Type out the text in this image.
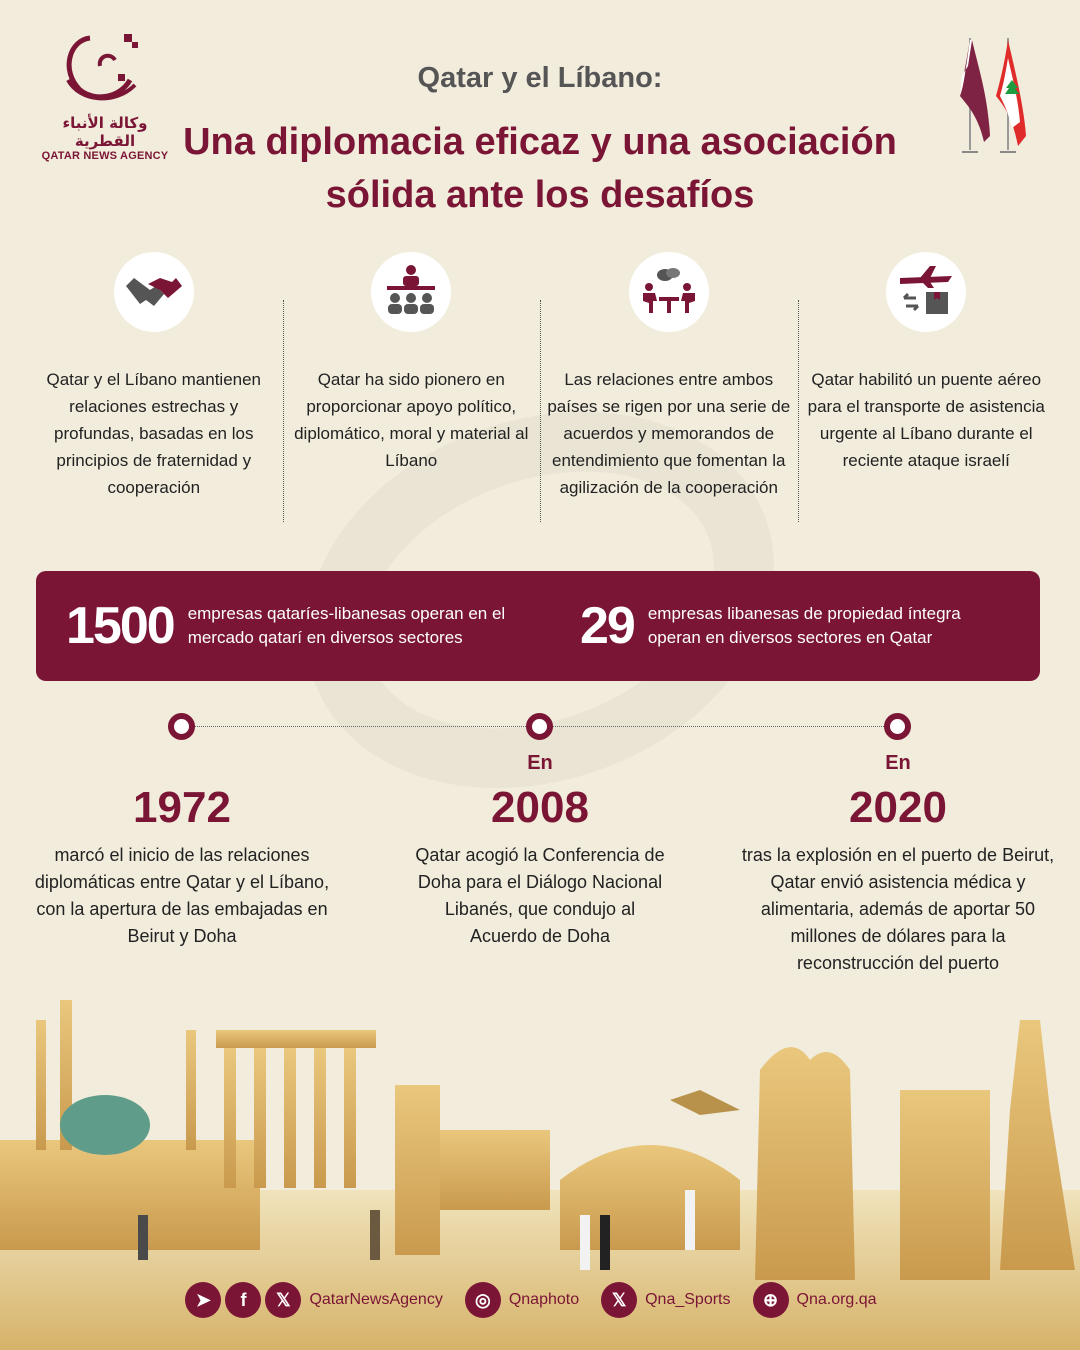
وكالة الأنباء القطرية
QATAR NEWS AGENCY
Qatar y el Líbano:
Una diplomacia eficaz y una asociación sólida ante los desafíos
Qatar y el Líbano mantienen relaciones estrechas y profundas, basadas en los principios de fraternidad y cooperación
Qatar ha sido pionero en proporcionar apoyo político, diplomático, moral y material al Líbano
Las relaciones entre ambos países se rigen por una serie de acuerdos y memorandos de entendimiento que fomentan la agilización de la cooperación
Qatar habilitó un puente aéreo para el transporte de asistencia urgente al Líbano durante el reciente ataque israelí
1500 empresas qataríes-libanesas operan en el mercado qatarí en diversos sectores	29 empresas libanesas de propiedad íntegra operan en diversos sectores en Qatar
1972
marcó el inicio de las relaciones diplomáticas entre Qatar y el Líbano, con la apertura de las embajadas en Beirut y Doha
En
2008
Qatar acogió la Conferencia de Doha para el Diálogo Nacional Libanés, que condujo al Acuerdo de Doha
En
2020
tras la explosión en el puerto de Beirut, Qatar envió asistencia médica y alimentaria, además de aportar 50 millones de dólares para la reconstrucción del puerto
➤	f	𝕏	QatarNewsAgency	◎	Qnaphoto	𝕏	Qna_Sports	⊕	Qna.org.qa
